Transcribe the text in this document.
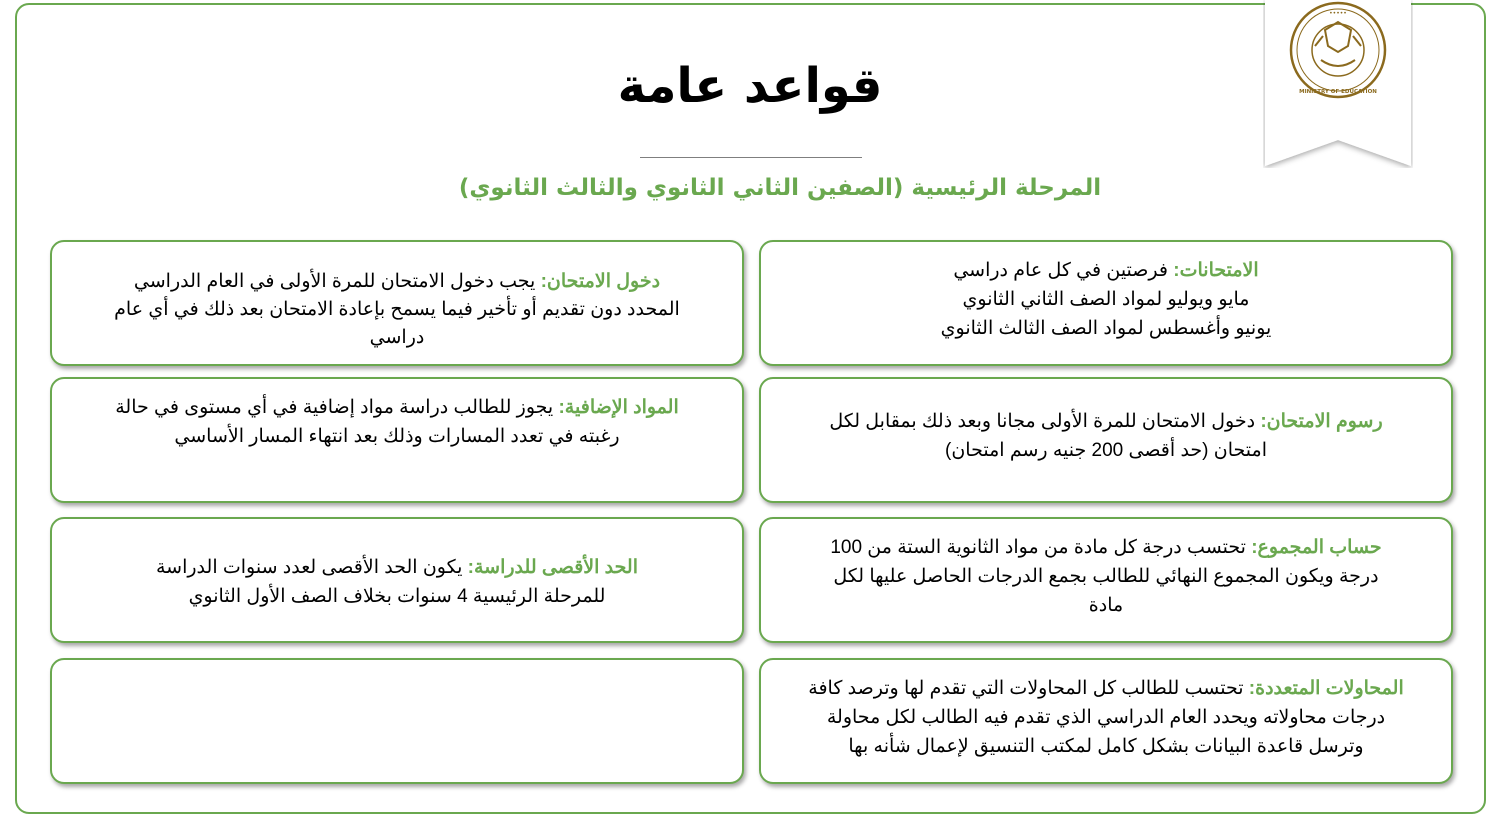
قواعد عامة
المرحلة الرئيسية (الصفين الثاني الثانوي والثالث الثانوي)
•••••
MINISTRY OF EDUCATION
الامتحانات: فرصتين في كل عام دراسي
مايو ويوليو لمواد الصف الثاني الثانوي
يونيو وأغسطس لمواد الصف الثالث الثانوي
رسوم الامتحان: دخول الامتحان للمرة الأولى مجانا وبعد ذلك بمقابل لكل
امتحان (حد أقصى 200 جنيه رسم امتحان)
حساب المجموع: تحتسب درجة كل مادة من مواد الثانوية الستة من 100
درجة ويكون المجموع النهائي للطالب بجمع الدرجات الحاصل عليها لكل
مادة
المحاولات المتعددة: تحتسب للطالب كل المحاولات التي تقدم لها وترصد كافة
درجات محاولاته ويحدد العام الدراسي الذي تقدم فيه الطالب لكل محاولة
وترسل قاعدة البيانات بشكل كامل لمكتب التنسيق لإعمال شأنه بها
دخول الامتحان: يجب دخول الامتحان للمرة الأولى في العام الدراسي
المحدد دون تقديم أو تأخير فيما يسمح بإعادة الامتحان بعد ذلك في أي عام
دراسي
المواد الإضافية: يجوز للطالب دراسة مواد إضافية في أي مستوى في حالة
رغبته في تعدد المسارات وذلك بعد انتهاء المسار الأساسي
الحد الأقصى للدراسة: يكون الحد الأقصى لعدد سنوات الدراسة
للمرحلة الرئيسية 4 سنوات بخلاف الصف الأول الثانوي
